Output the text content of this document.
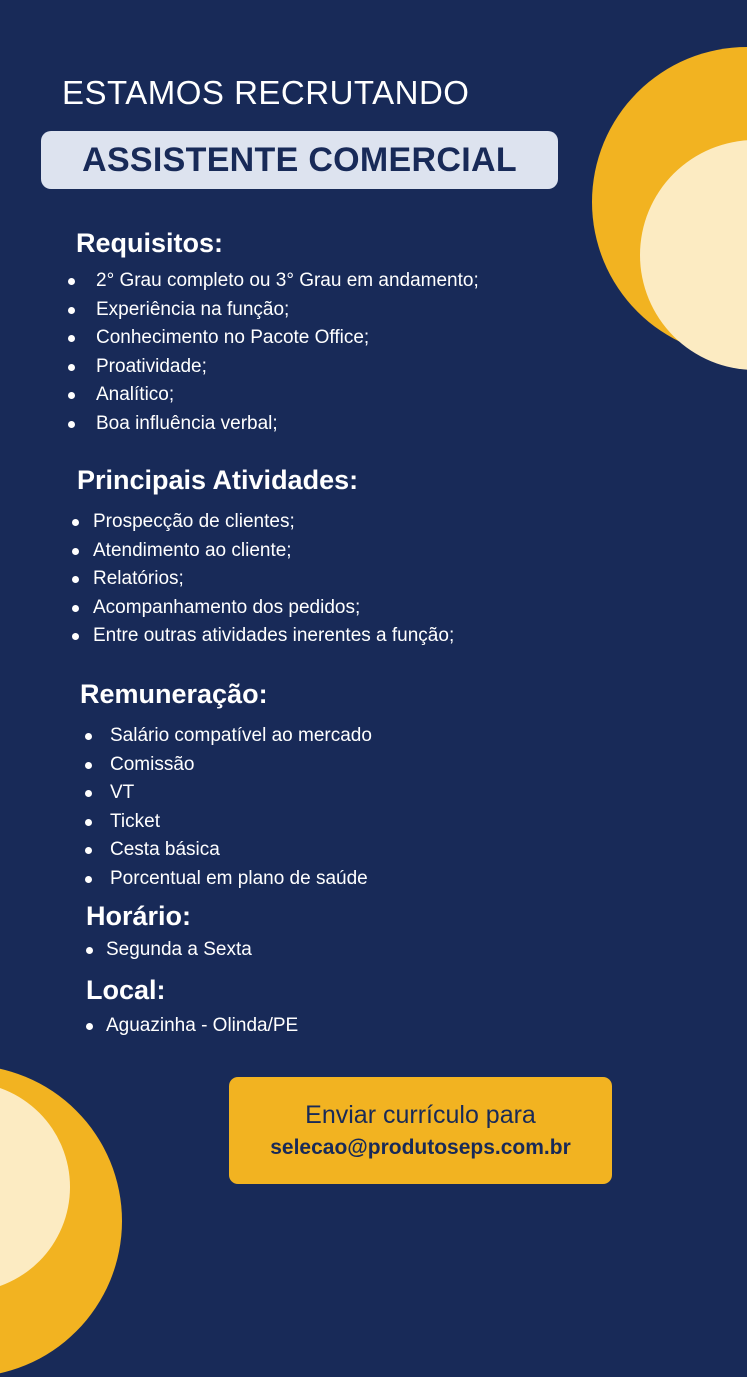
ESTAMOS RECRUTANDO
ASSISTENTE COMERCIAL
Requisitos:
2° Grau completo ou 3° Grau em andamento;
Experiência na função;
Conhecimento no Pacote Office;
Proatividade;
Analítico;
Boa influência verbal;
Principais Atividades:
Prospecção de clientes;
Atendimento ao cliente;
Relatórios;
Acompanhamento dos pedidos;
Entre outras atividades inerentes a função;
Remuneração:
Salário compatível ao mercado
Comissão
VT
Ticket
Cesta básica
Porcentual em plano de saúde
Horário:
Segunda a Sexta
Local:
Aguazinha - Olinda/PE
Enviar currículo para
selecao@produtoseps.com.br
